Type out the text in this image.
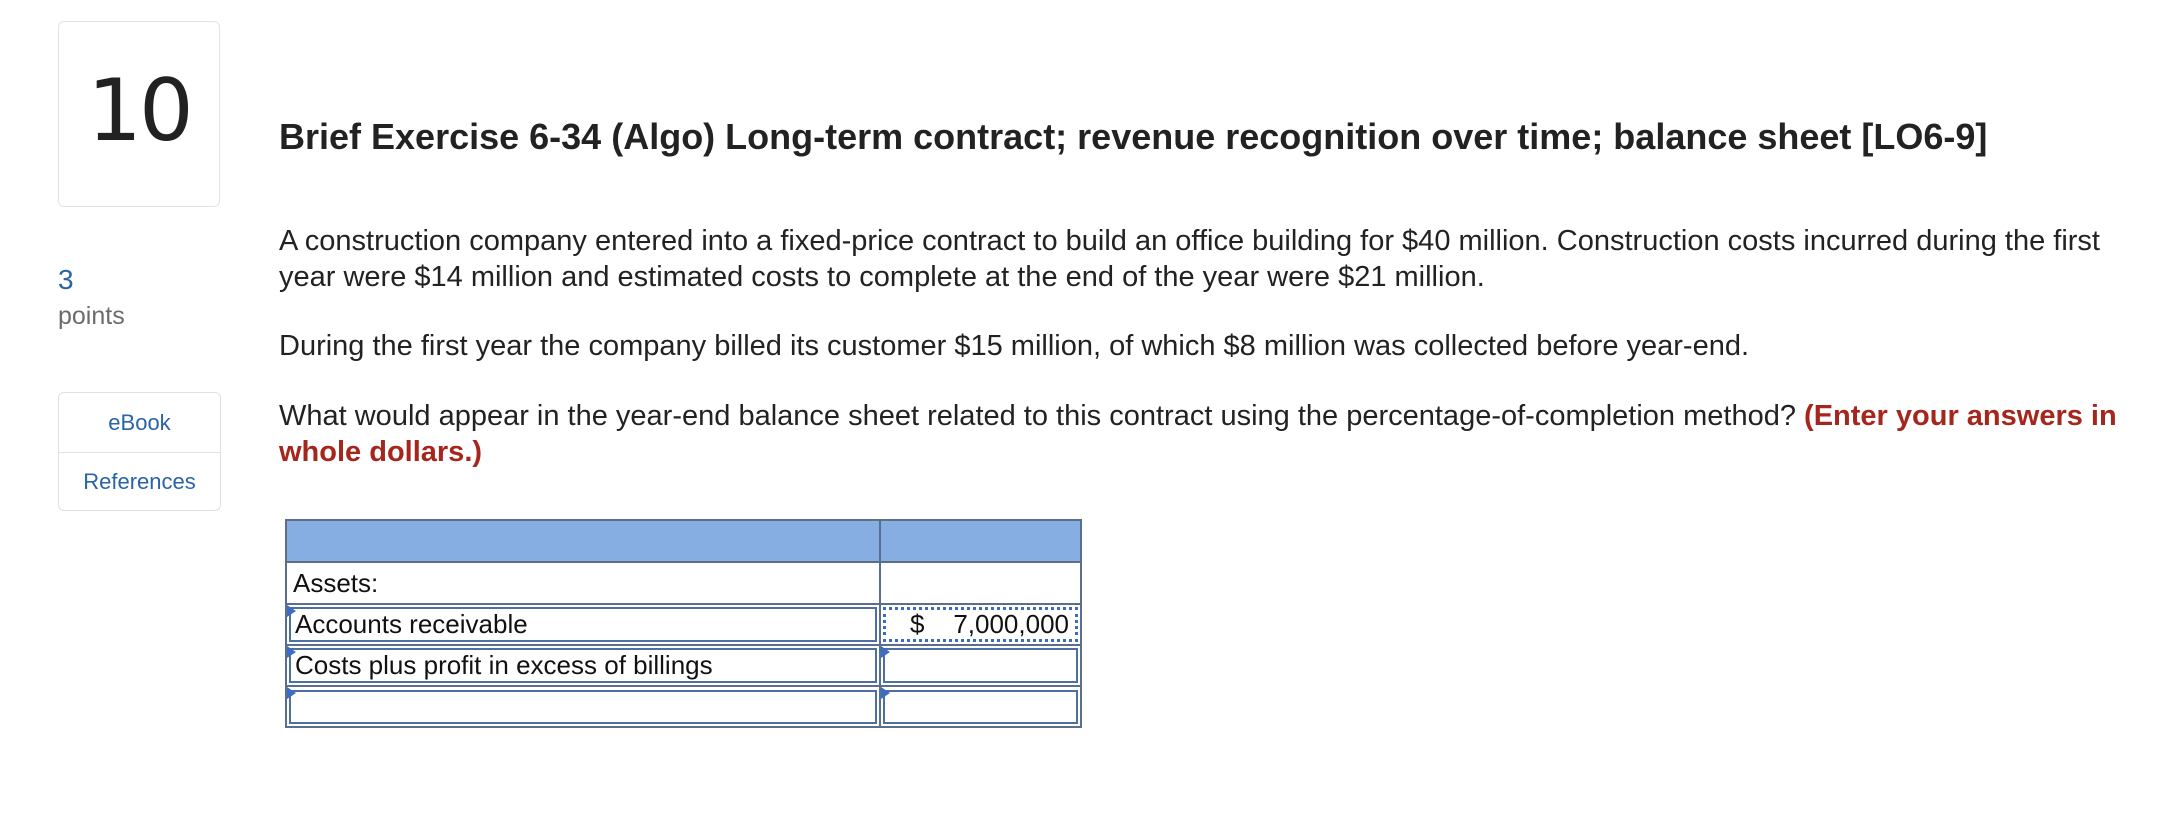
10
3
points
eBook
References
Brief Exercise 6-34 (Algo) Long-term contract; revenue recognition over time; balance sheet [LO6-9]

A construction company entered into a fixed-price contract to build an office building for $40 million. Construction costs incurred during the first year were $14 million and estimated costs to complete at the end of the year were $21 million.

During the first year the company billed its customer $15 million, of which $8 million was collected before year-end.

What would appear in the year-end balance sheet related to this contract using the percentage-of-completion method? (Enter your answers in whole dollars.)

Assets:	

Accounts receivable	$ 7,000,000

Costs plus profit in excess of billings	
